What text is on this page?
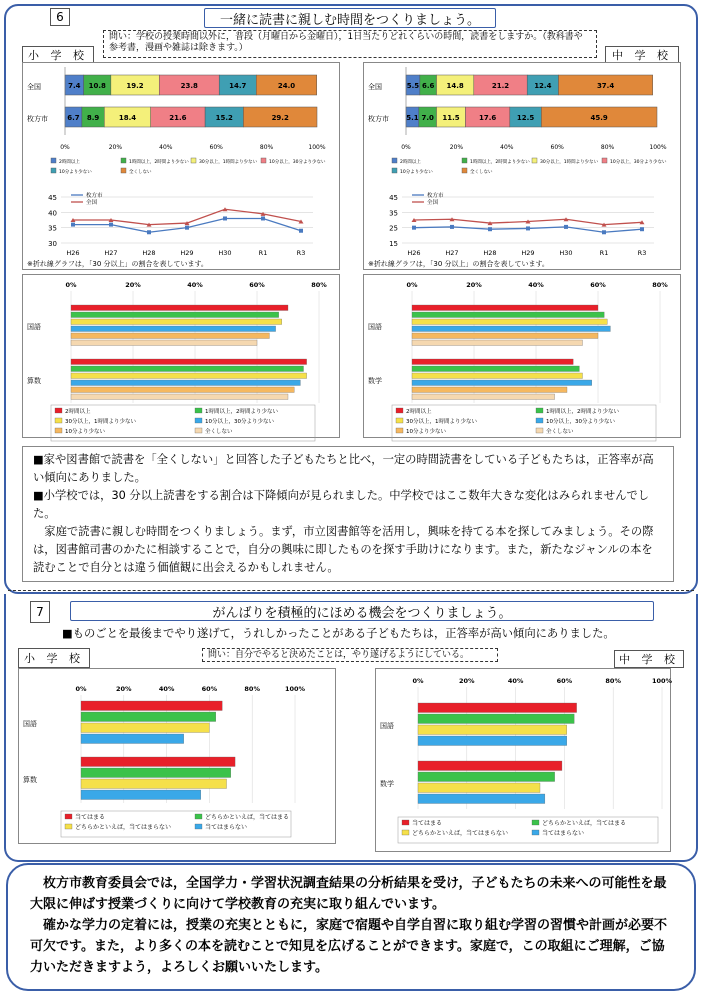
6	一緒に読書に親しむ時間をつくりましょう。
問い：学校の授業時間以外に，普段（月曜日から金曜日），1日当たりどれくらいの時間，読書をしますか。（教科書や参考書，漫画や雑誌は除きます。）
小 学 校	中 学 校
全国	7.4 10.8	19.2	23.8	14.7	24.0
枚方市	6.7 8.9	18.4	21.6	15.2	29.2
0%	20%	40%	60%	80%	100%
2時間以上	1時間以上，2時間より少ない 30分以上，1時間より少ない	10分以上，30分より少ない
10分より少ない	全くしない
30
35
40
45
H26	H27	H28	H29	H30	R1	R3
枚方市
全国
※折れ線グラフは，「30 分以上」の割合を表しています。
全国	5.5 6.6 14.8	21.2	12.4	37.4
枚方市 5.1 7.0 11.5	17.6	12.5	45.9
0%	20%	40%	60%	80%	100%
2時間以上	1時間以上，2時間より少ない 30分以上，1時間より少ない	10分以上，30分より少ない
10分より少ない	全くしない
15
25
35
45
H26	H27	H28	H29	H30	R1	R3
枚方市
全国
※折れ線グラフは，「30 分以上」の割合を表しています。
0%	20%	40%	60%	80%
国語
算数
2時間以上	1時間以上，2時間より少ない
30分以上，1時間より少ない	10分以上，30分より少ない
10分より少ない	全くしない
0%	20%	40%	60%	80%
国語
数学
2時間以上	1時間以上，2時間より少ない
30分以上，1時間より少ない	10分以上，30分より少ない
10分より少ない	全くしない
■家や図書館で読書を「全くしない」と回答した子どもたちと比べ，一定の時間読書をしている子どもたちは，正答率が高い傾向にありました。
■小学校では，30 分以上読書をする割合は下降傾向が見られました。中学校ではここ数年大きな変化はみられませんでした。
家庭で読書に親しむ時間をつくりましょう。まず，市立図書館等を活用し，興味を持てる本を探してみましょう。その際は，図書館司書のかたに相談することで，自分の興味に即したものを探す手助けになります。また，新たなジャンルの本を読むことで自分とは違う価値観に出会えるかもしれません。
7	がんばりを積極的にほめる機会をつくりましょう。
■ものごとを最後までやり遂げて，うれしかったことがある子どもたちは，正答率が高い傾向にありました。
小 学 校	問い：自分でやると決めたことは，やり遂げるようにしている。	中 学 校
0%	20%	40%	60%	80%	100%
国語
算数
当てはまる	どちらかといえば，当てはまる
どちらかといえば，当てはまらない	当てはまらない
0%	20%	40%	60%	80%	100%
国語
数学
当てはまる	どちらかといえば，当てはまる
どちらかといえば，当てはまらない	当てはまらない
枚方市教育委員会では，全国学力・学習状況調査結果の分析結果を受け，子どもたちの未来への可能性を最大限に伸ばす授業づくりに向けて学校教育の充実に取り組んでいます。
確かな学力の定着には，授業の充実とともに，家庭で宿題や自学自習に取り組む学習の習慣や計画が必要不可欠です。また，より多くの本を読むことで知見を広げることができます。家庭で，この取組にご理解，ご協力いただきますよう，よろしくお願いいたします。
